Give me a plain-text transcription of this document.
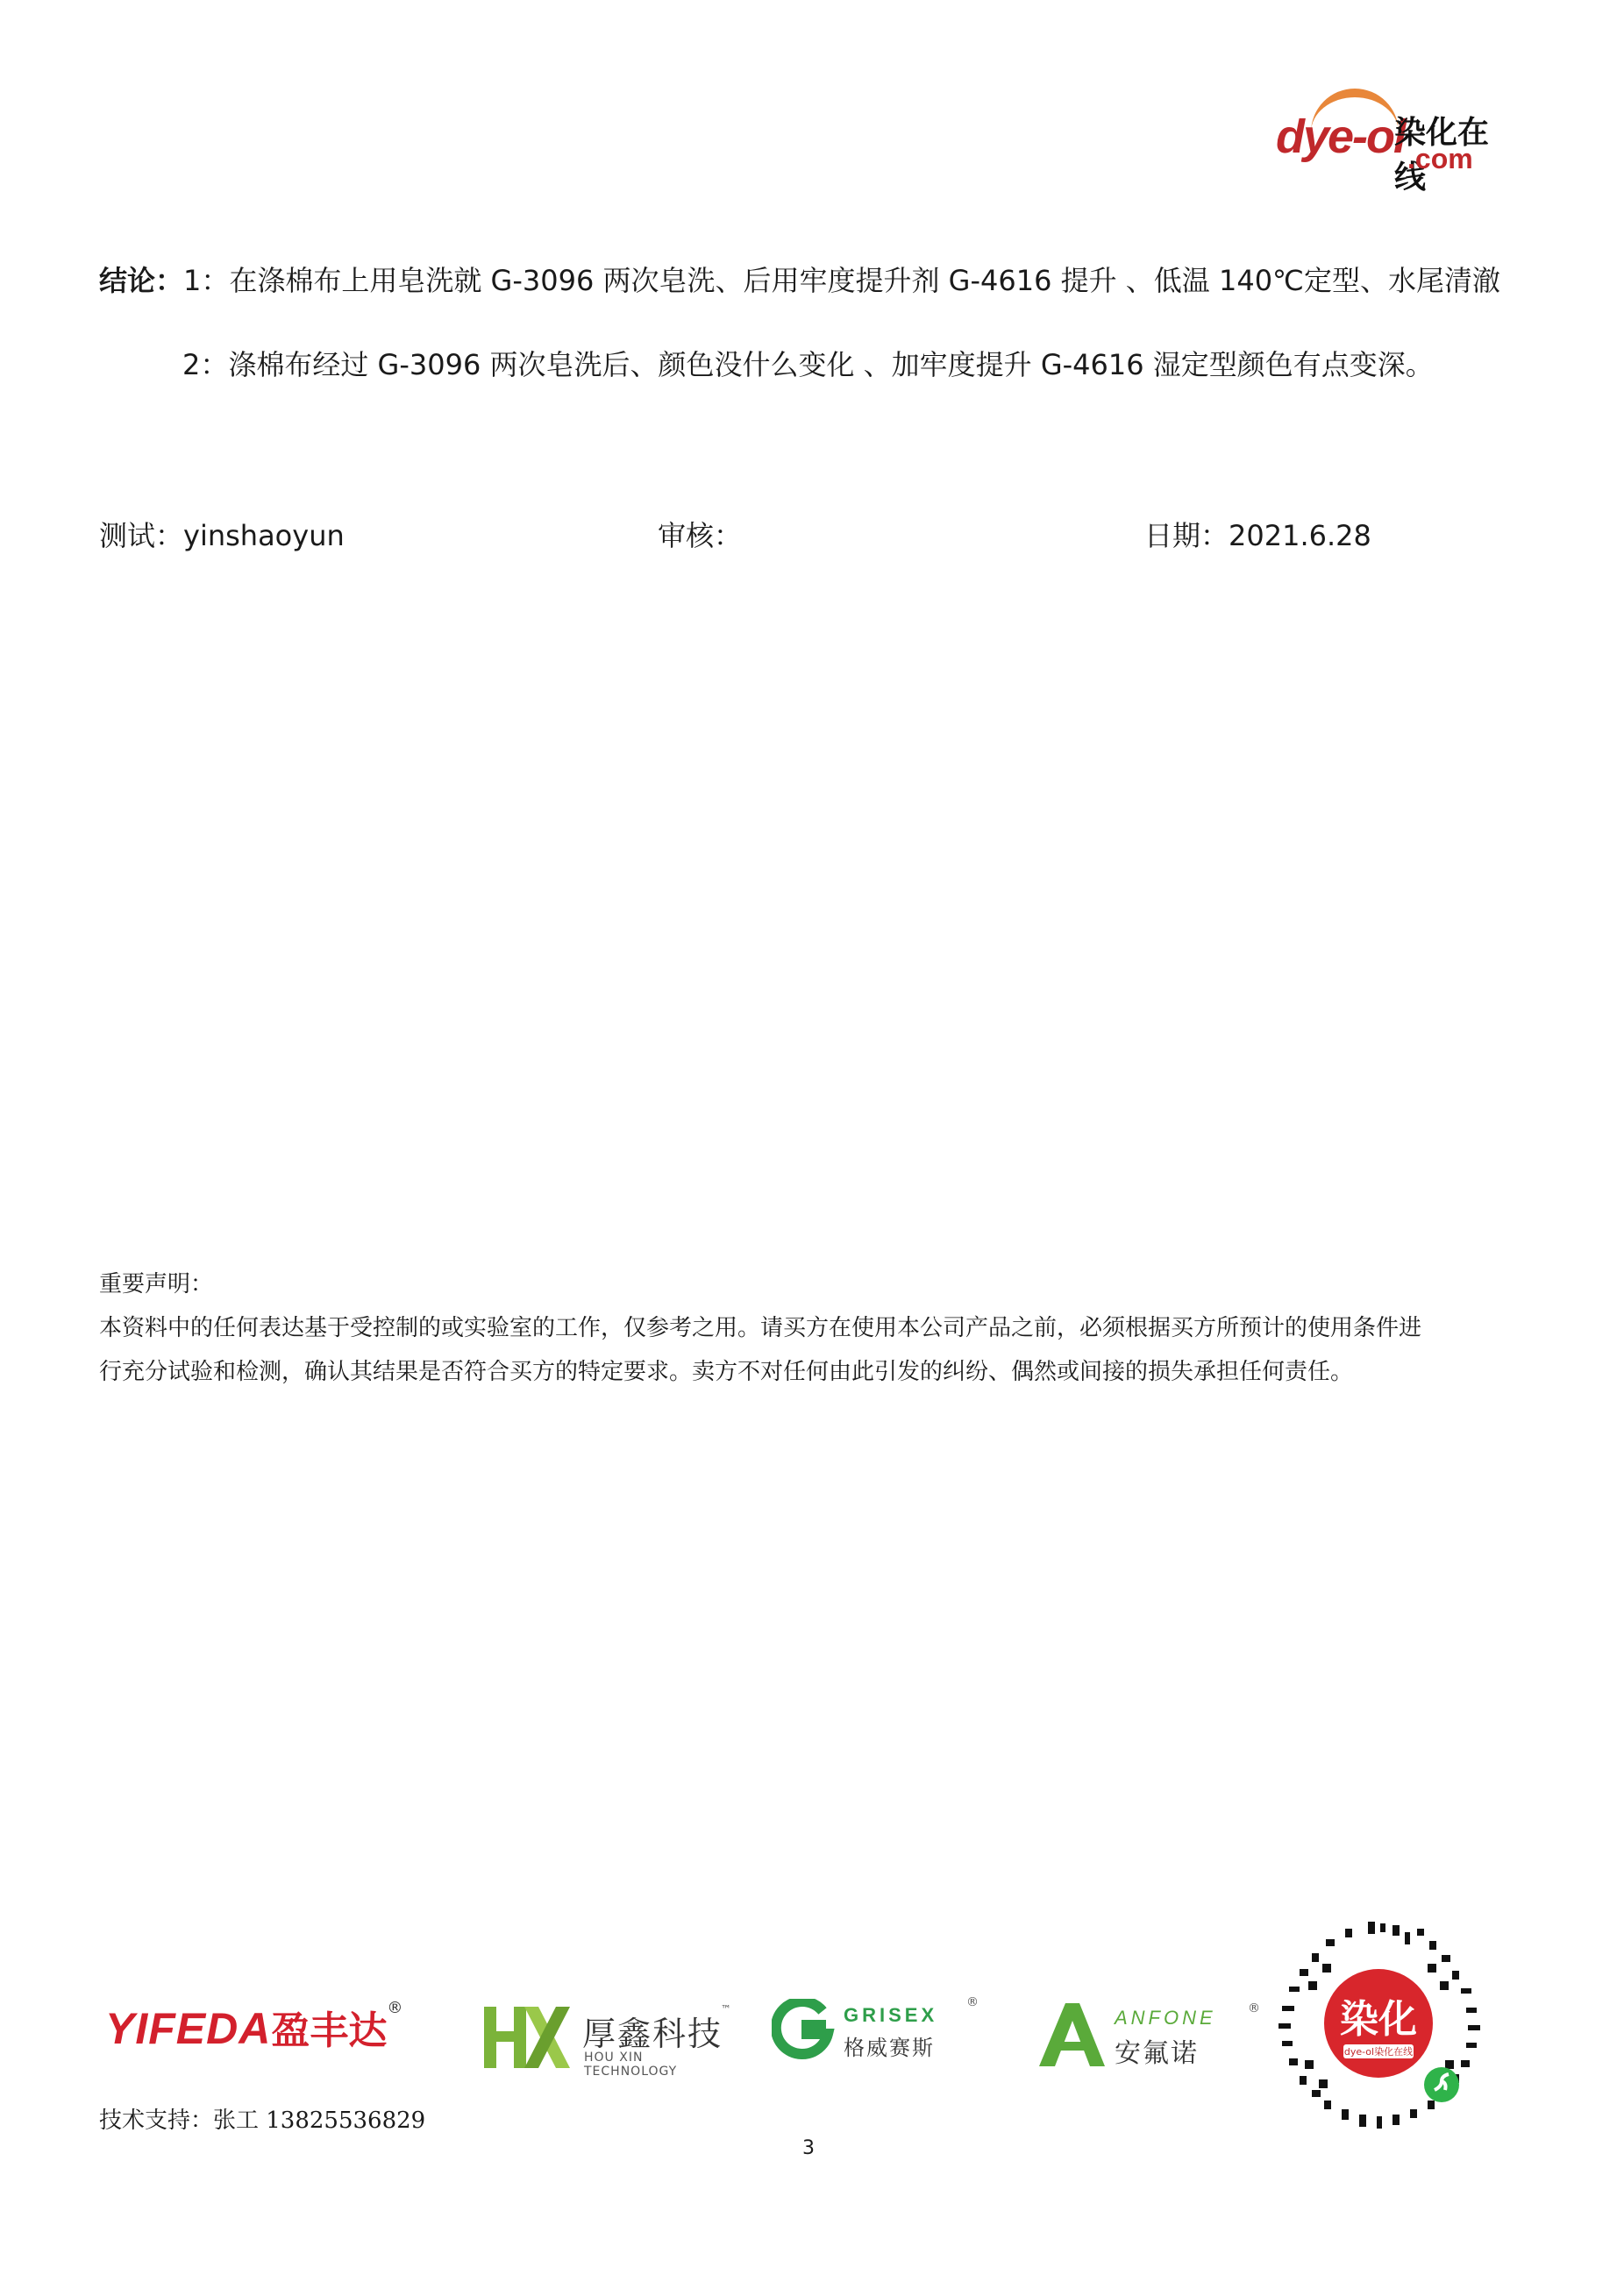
dye-ol
染化在线
.com
结论：1：在涤棉布上用皂洗就 G-3096 两次皂洗、后用牢度提升剂 G-4616 提升 、低温 140℃定型、水尾清澈
2：涤棉布经过 G-3096 两次皂洗后、颜色没什么变化 、加牢度提升 G-4616 湿定型颜色有点变深。
测试：yinshaoyun	审核：	日期：2021.6.28
重要声明：
本资料中的任何表达基于受控制的或实验室的工作，仅参考之用。请买方在使用本公司产品之前，必须根据买方所预计的使用条件进
行充分试验和检测，确认其结果是否符合买方的特定要求。卖方不对任何由此引发的纠纷、偶然或间接的损失承担任何责任。
YIFEDA盈丰达®
厚鑫科技
HOU XIN TECHNOLOGY
™	GRISEX
格威赛斯
®
ANFONE
安氟诺
® 染化
dye-ol染化在线
技术支持：张工 13825536829
3
